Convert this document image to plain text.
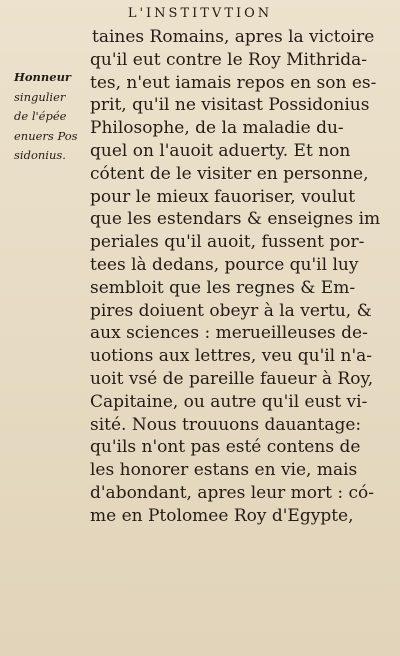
L'INSTITVTION
Honneur
singulier
de l'épée
enuers Pos
sidonius.
taines Romains, apres la victoire
qu'il eut contre le Roy Mithrida-
tes, n'eut iamais repos en son es-
prit, qu'il ne visitast Possidonius
Philosophe, de la maladie du-
quel on l'auoit aduerty. Et non
cótent de le visiter en personne,
pour le mieux fauoriser, voulut
que les estendars & enseignes im
periales qu'il auoit, fussent por-
tees là dedans, pource qu'il luy
sembloit que les regnes & Em-
pires doiuent obeyr à la vertu, &
aux sciences : merueilleuses de-
uotions aux lettres, veu qu'il n'a-
uoit vsé de pareille faueur à Roy,
Capitaine, ou autre qu'il eust vi-
sité. Nous trouuons dauantage:
qu'ils n'ont pas esté contens de
les honorer estans en vie, mais
d'abondant, apres leur mort : có-
me en Ptolomee Roy d'Egypte,
